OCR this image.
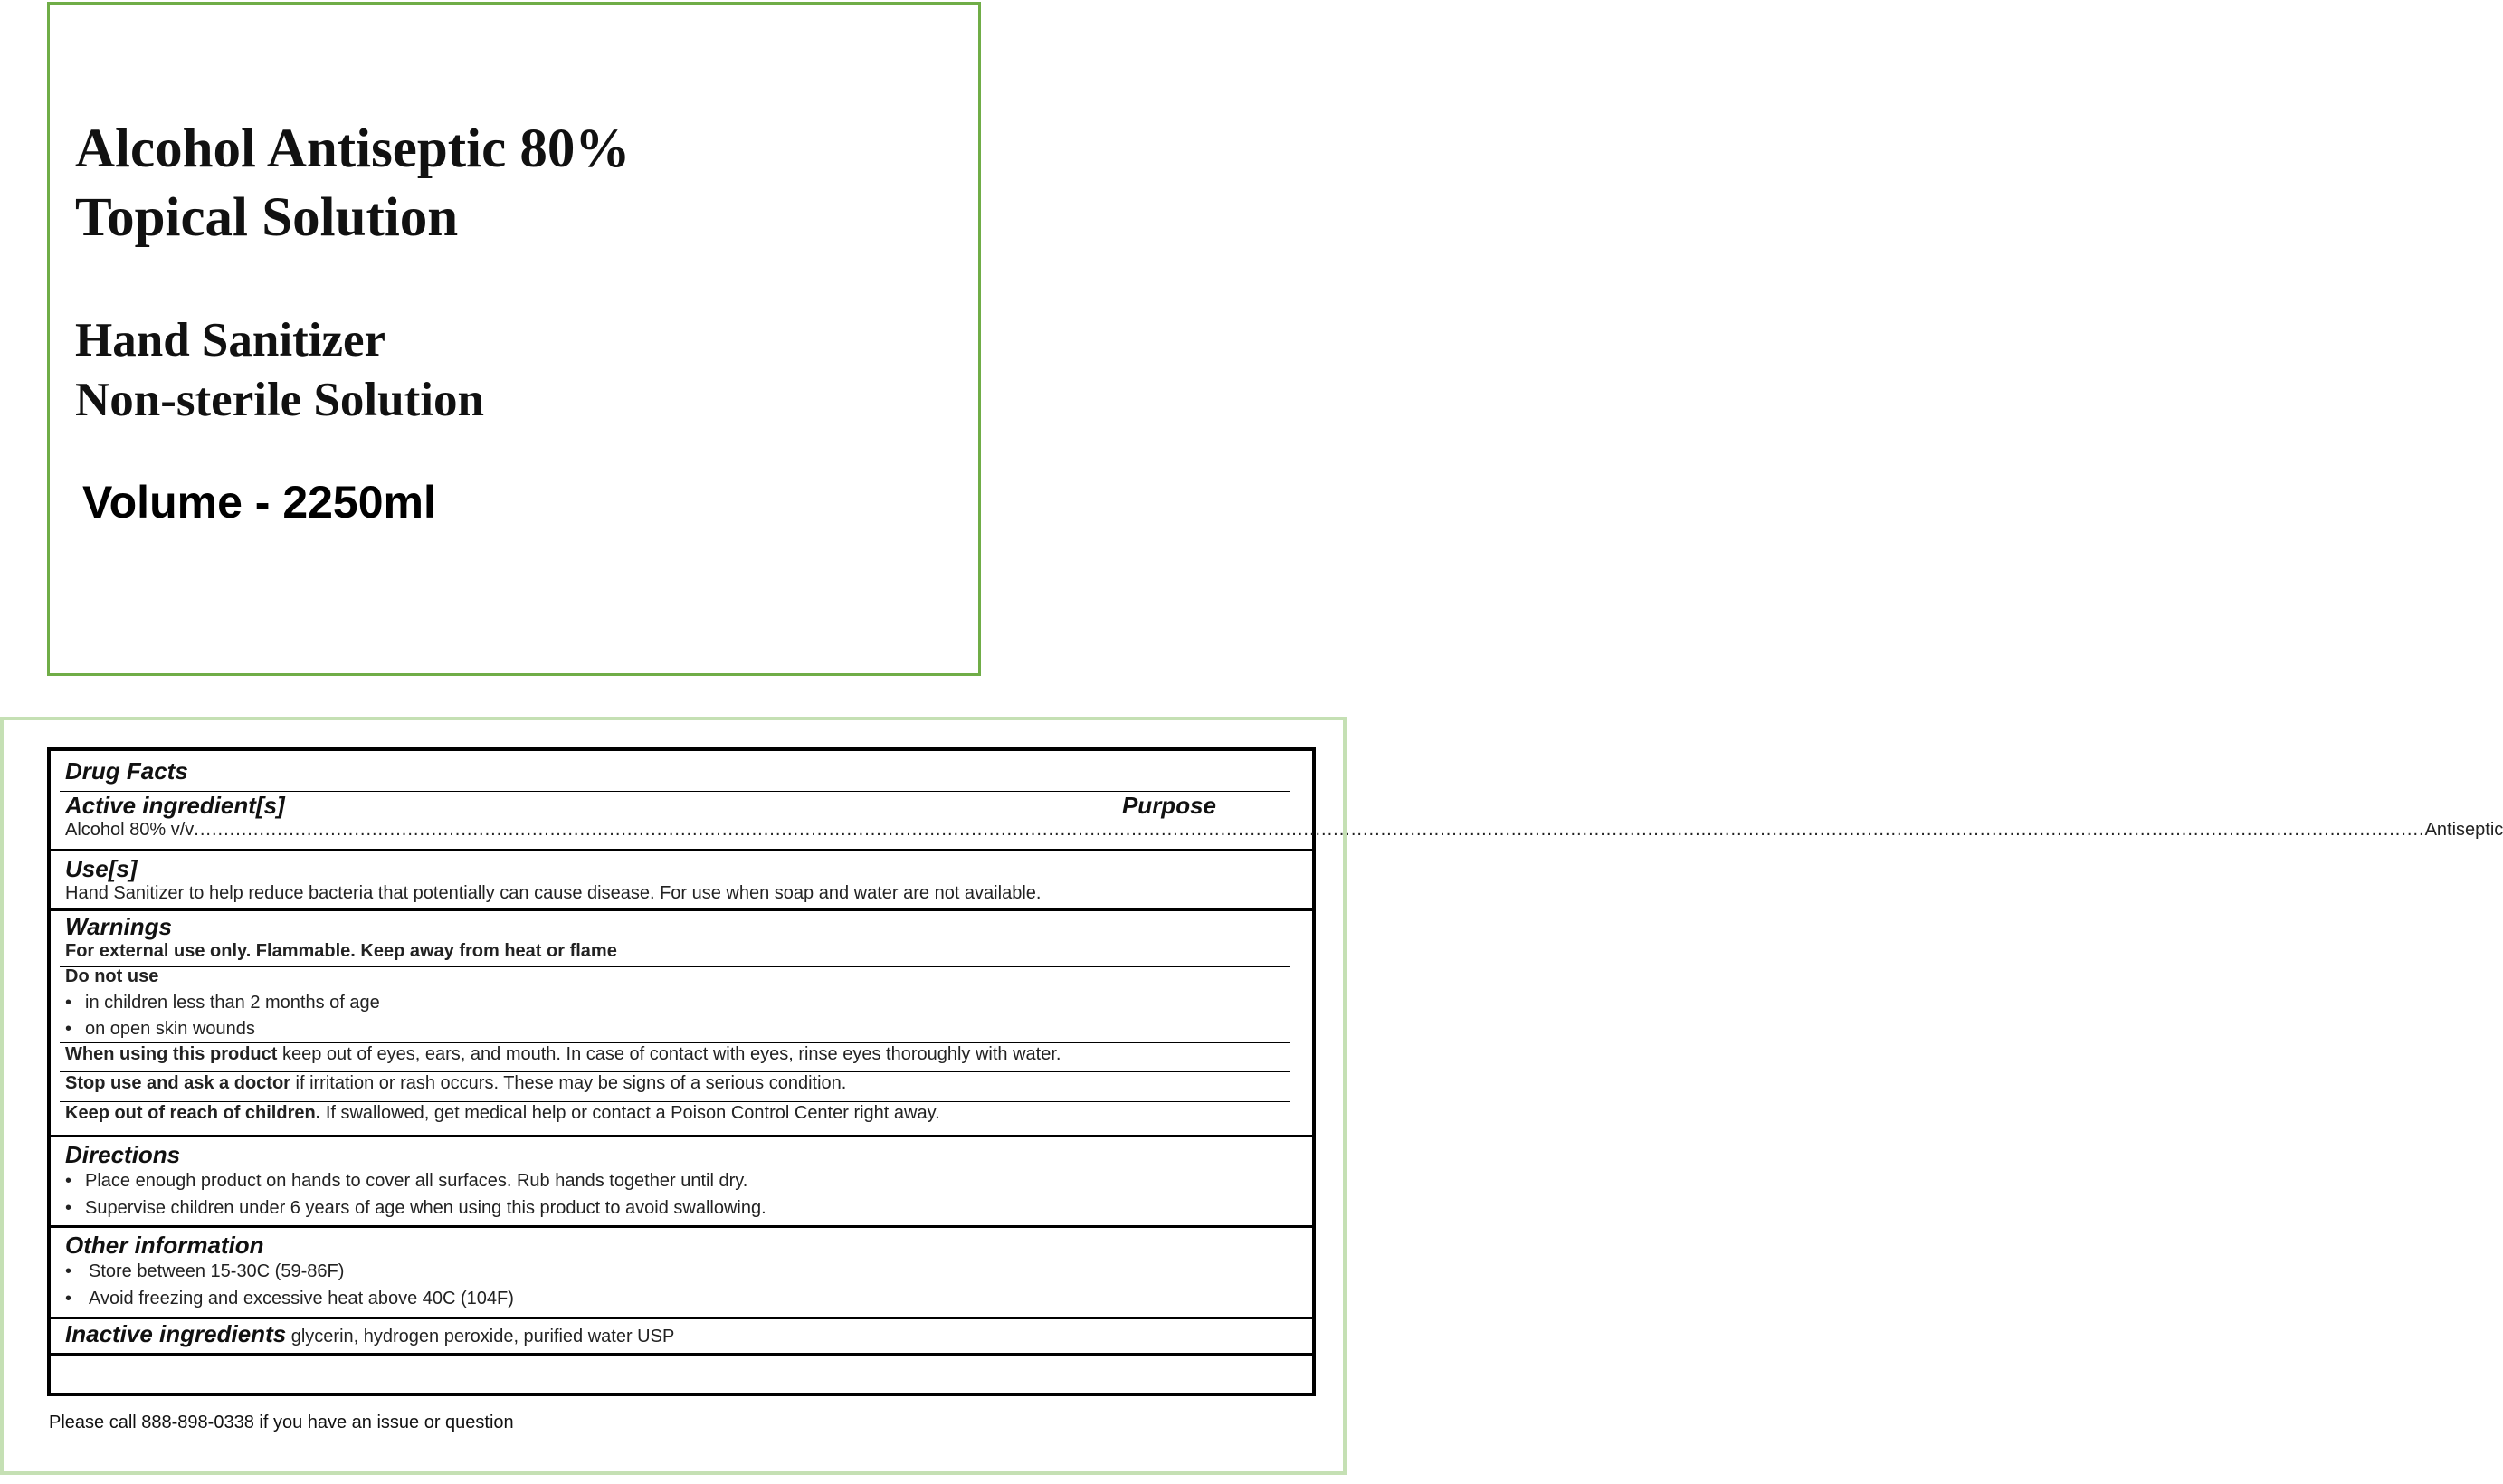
Alcohol Antiseptic 80%
Topical Solution
Hand Sanitizer
Non-sterile Solution
Volume - 2250ml
Drug Facts
Active ingredient[s]	Purpose
Alcohol 80% v/v ........................................................................................................................................................................................................................................................................................................................................................................................ Antiseptic
Use[s]
Hand Sanitizer to help reduce bacteria that potentially can cause disease. For use when soap and water are not available.
Warnings
For external use only. Flammable. Keep away from heat or flame
Do not use
• in children less than 2 months of age
• on open skin wounds
When using this product keep out of eyes, ears, and mouth. In case of contact with eyes, rinse eyes thoroughly with water.
Stop use and ask a doctor if irritation or rash occurs. These may be signs of a serious condition.
Keep out of reach of children. If swallowed, get medical help or contact a Poison Control Center right away.
Directions
• Place enough product on hands to cover all surfaces. Rub hands together until dry.
• Supervise children under 6 years of age when using this product to avoid swallowing.
Other information
• Store between 15-30C (59-86F)
• Avoid freezing and excessive heat above 40C (104F)
Inactive ingredients glycerin, hydrogen peroxide, purified water USP
Please call 888-898-0338 if you have an issue or question
